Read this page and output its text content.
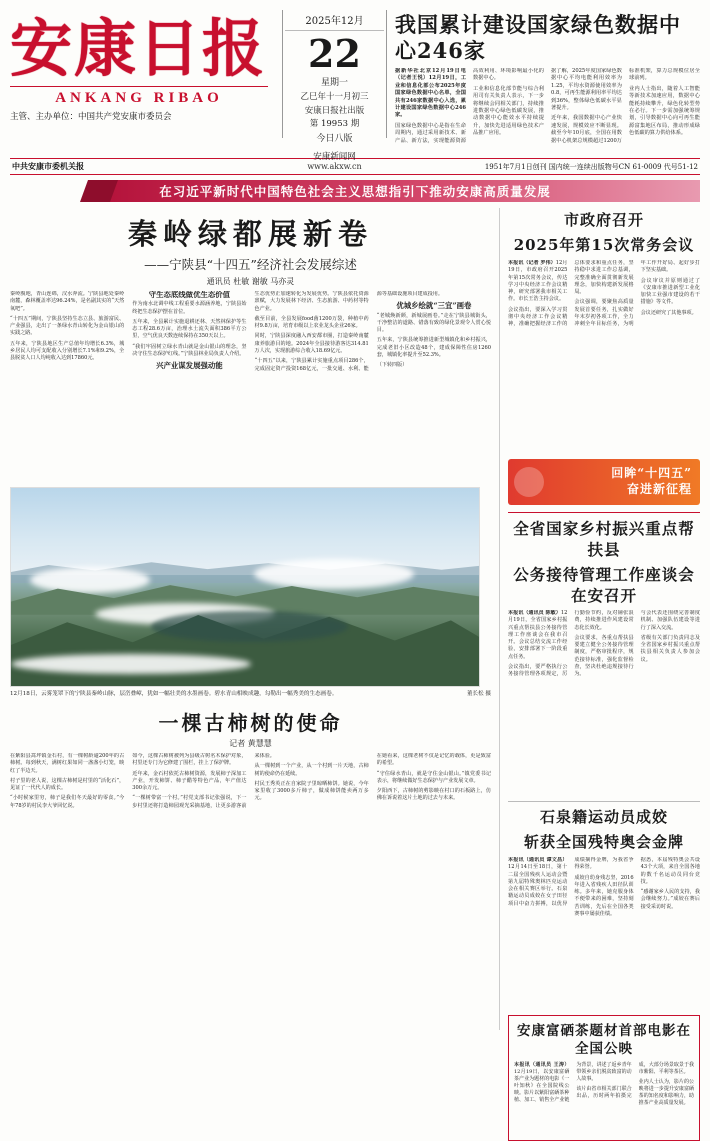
安康日报
ANKANG RIBAO
主管、主办单位：中国共产党安康市委员会
2025年12月
22
星期一
乙巳年十一月初三
安康日报社出版
第 19953 期
今日八版
安康新闻网
www.akxw.cn
我国累计建设国家绿色数据中心246家

据新华社北京12月19日电（记者王悦）12月19日，工业和信息化部公布2025年度国家绿色数据中心名单，全国共有246家数据中心入选，累计建设国家绿色数据中心246家。

国家绿色数据中心是指在生命周期内，通过采用新技术、新产品、新方法，实现能源资源高效利用、环境影响最小化的数据中心。

工业和信息化部节能与综合利用司有关负责人表示，下一步将继续会同相关部门，持续推进数据中心绿色低碳发展，推动数据中心能效水平持续提升，加快先进适用绿色技术产品推广应用。

据了解，2025年度国家绿色数据中心平均电能利用效率为1.25，平均水资源使用效率为0.8，可再生能源利用率平均达到36%，整体绿色低碳水平显著提升。

近年来，我国数据中心产业快速发展，规模效应不断显现。截至今年10月底，全国在用数据中心机架总规模超过1200万标准机架，算力总规模位居全球前列。

业内人士指出，随着人工智能等新技术加速应用，数据中心能耗持续攀升，绿色化转型势在必行。下一步需加强统筹规划，引导数据中心向可再生能源富集地区布局，推动形成绿色低碳的算力供给体系。

中共安康市委机关报	1951年7月1日创刊 国内统一连续出版物号CN 61-0009 代号51-12
在习近平新时代中国特色社会主义思想指引下推动安康高质量发展
秦岭绿都展新卷
——宁陕县“十四五”经济社会发展综述
通讯员 杜敏 谢敏 马亦灵

秦岭腹地，青山连绵，汉水奔流。宁陕县地处秦岭南麓，森林覆盖率达96.24%，是名副其实的“天然氧吧”。

“十四五”期间，宁陕县坚持生态立县、旅游富民、产业强县，走出了一条绿水青山转化为金山银山的实践之路。

五年来，宁陕县地区生产总值年均增长6.3%，城乡居民人均可支配收入分别增长7.1%和9.2%，全县脱贫人口人均纯收入达到17860元。

守生态底线做优生态价值

作为南水北调中线工程重要水源涵养地，宁陕县始终把生态保护摆在首位。

五年来，全县累计实施退耕还林、天然林保护等生态工程28.6万亩，治理水土流失面积386平方公里，空气优良天数连续保持在350天以上。

“我们牢固树立绿水青山就是金山银山的理念，坚决守住生态保护红线。”宁陕县林业局负责人介绍。

兴产业谋发展强动能

生态优势正加速转化为发展优势。宁陕县依托资源禀赋，大力发展林下经济、生态旅游、中药材等特色产业。

截至目前，全县发展food菌1200万袋，种植中药材9.8万亩，培育市级以上农业龙头企业26家。

同时，宁陕县深度融入西安都市圈，打造秦岭南麓康养旅游目的地。2024年全县接待游客达314.81万人次，实现旅游综合收入18.69亿元。

“十四五”以来，宁陕县累计实施重点项目286个，完成固定资产投资168亿元，一批交通、水利、能源等基础设施项目建成投用。

优城乡绘就“三宜”画卷

“老城焕新颜，新城展画卷。”走在宁陕县城街头，干净整洁的道路、错落有致的绿化景观令人赏心悦目。

五年来，宁陕县统筹推进新型城镇化和乡村振兴，完成老旧小区改造48个，建成保障性住房1260套，城镇化率提升至52.3%。

（下转四版）

12月18日，云雾笼罩下的宁陕县秦岭山脉，层峦叠嶂，犹如一幅壮美的水墨画卷。碧水青山相映成趣，勾勒出一幅秀美的生态画卷。	董长松 摄
一棵古柿树的使命
记者 黄慧慧

在紫阳县蒿坪镇金石村，有一棵树龄逾200年的古柿树。每到秋天，满树红果如同一盏盏小灯笼，映红了半边天。

村子里的老人说，这棵古柿树是村里的“活化石”，见证了一代代人的成长。

“小时候家里穷，柿子是我们冬天最好的零食。”今年78岁的村民李大爷回忆说。

如今，这棵古柿树被列为县级古树名木保护对象，村里还专门为它修建了围栏，挂上了保护牌。

近年来，金石村依托古柿树资源，发展柿子深加工产业，开发柿饼、柿子醋等特色产品，年产值达300余万元。

“一棵树带富一个村。”村党支部书记张强说，下一步村里还将打造柿园观光采摘基地，让更多游客前来体验。

从一棵树到一个产业，从一个村到一片天地，古柿树的使命仍在延续。

村民王秀英正在自家院子里晾晒柿饼。她说，今年家里收了3000多斤柿子，做成柿饼能卖两万多元。

在她看来，这棵老树不仅是记忆的载体，更是致富的希望。

“守住绿水青山，就是守住金山银山。”镇党委书记表示，将继续做好生态保护与产业发展文章。

夕阳西下，古柿树的剪影映在村口的石板路上，仿佛在诉说着这片土地的过去与未来。

市政府召开
2025年第15次常务会议

本报讯（记者 罗伟）12月19日，市政府召开2025年第15次常务会议，传达学习中央经济工作会议精神，研究部署我市相关工作。市长王浩主持会议。

会议指出，要深入学习贯彻中央经济工作会议精神，准确把握经济工作的总体要求和重点任务，坚持稳中求进工作总基调，完整准确全面贯彻新发展理念，加快构建新发展格局。

会议强调，要聚焦高质量发展首要任务，扎实做好年末岁初各项工作，全力冲刺全年目标任务，为明年工作开好局、起好步打下坚实基础。

会议审议并原则通过了《安康市推进新型工业化加快工业强市建设的若干措施》等文件。

会议还研究了其他事项。

回眸“十四五”
奋进新征程
全省国家乡村振兴重点帮扶县
公务接待管理工作座谈会在安召开

本报讯（通讯员 陈敏）12月19日，全省国家乡村振兴重点帮扶县公务接待管理工作座谈会在我市召开。会议总结交流工作经验，安排部署下一阶段重点任务。

会议指出，要严格执行公务接待管理各项规定，厉行勤俭节约，反对铺张浪费，持续推进作风建设常态化长效化。

会议要求，各重点帮扶县要建立健全公务接待管理制度，严格审批程序，规范接待标准，强化监督检查，坚决杜绝违规接待行为。

与会代表还围绕完善制度机制、加强队伍建设等进行了深入交流。

省级有关部门负责同志及全省国家乡村振兴重点帮扶县相关负责人参加会议。

石泉籍运动员成姣
斩获全国残特奥会金牌

本报讯（通讯员 谭文昌）12月14日至18日，第十二届全国残疾人运动会暨第九届特殊奥林匹克运动会在相关赛区举行。石泉籍运动员成姣在女子田径项目中奋力拼搏，以优异成绩摘得金牌，为我省争得荣誉。

成姣自幼身残志坚，2016年进入省残疾人田径队训练。多年来，她克服身体不便带来的困难，坚持刻苦训练，先后在全国各类赛事中屡获佳绩。

据悉，本届残特奥会共设43个大项，来自全国各地的数千名运动员同台竞技。

“感谢家乡人民的支持，我会继续努力。”成姣在赛后接受采访时说。

安康富硒茶题材首部电影在全国公映

本报讯（通讯员 王涛）12月19日，以安康富硒茶产业为题材的电影《一叶知秋》在全国院线公映。影片以紫阳富硒茶种植、加工、销售全产业链为背景，讲述了返乡青年带领乡亲们脱贫致富的动人故事。

该片由省市相关部门联合出品，历时两年拍摄完成，大部分场景取景于我市紫阳、平利等茶区。

业内人士认为，影片的公映将进一步提升安康富硒茶的知名度和影响力，助推茶产业高质量发展。
